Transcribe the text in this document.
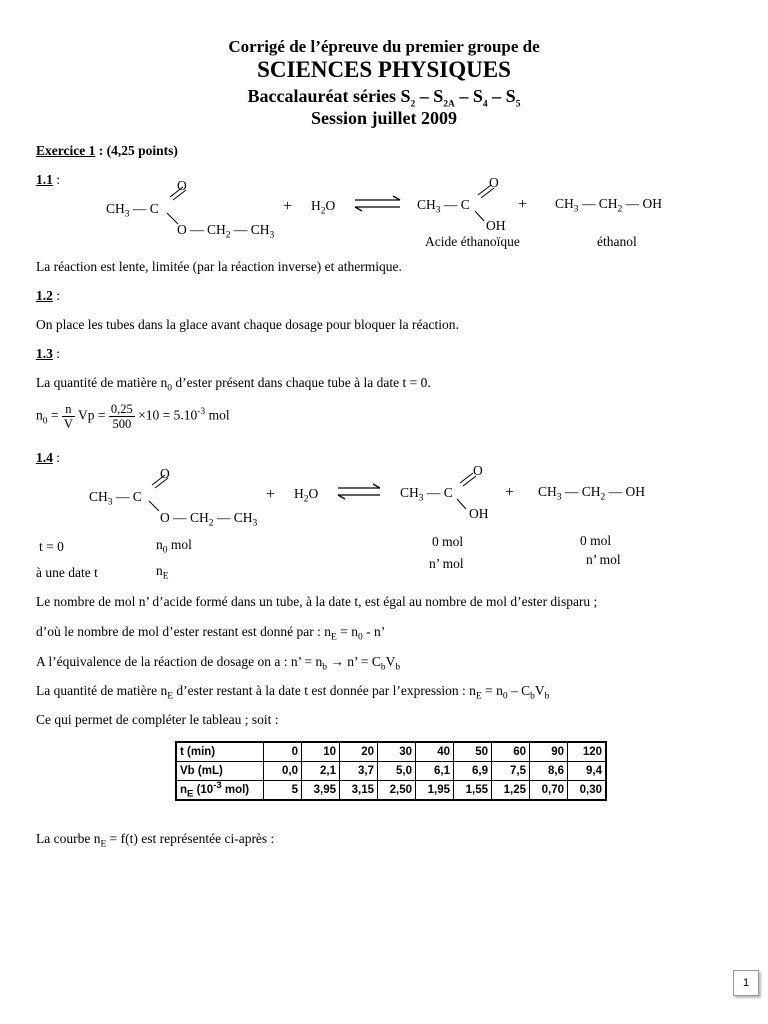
Corrigé de l’épreuve du premier groupe de
SCIENCES PHYSIQUES
Baccalauréat séries $S_2 - S_{2A} - S_4 - S_5$
Session juillet 2009
Exercice 1 : (4,25 points)
1.1 :	O
$CH_3$ — C
O — $CH_2$ — $CH_3$
+ $H_2O$
O
$CH_3$ — C
OH
+ $CH_3$ — $CH_2$ — OH
Acide éthanoïque	éthanol
La réaction est lente, limitée (par la réaction inverse) et athermique.
1.2 :
On place les tubes dans la glace avant chaque dosage pour bloquer la réaction.
1.3 :
La quantité de matière $n_0$ d’ester présent dans chaque tube à la date t = 0.
$n_0 = \frac{n}{V}$ $Vp = \frac{0,25}{500} \times 10 = 5.10^{-3}$ mol
1.4 :
O
$CH_3$ — C
O — $CH_2$ — $CH_3$
+ $H_2O$
O
$CH_3$ — C
OH
+ $CH_3$ — $CH_2$ — OH
t = 0
à une date t
$n_0$ mol
$n_E$
0 mol
n’ mol
0 mol
n’ mol
Le nombre de mol n’ d’acide formé dans un tube, à la date t, est égal au nombre de mol d’ester disparu ;
d’où le nombre de mol d’ester restant est donné par : $n_E = n_0 - n$’
A l’équivalence de la réaction de dosage on a : n’ = $n_b \to n$’ = $C_bV_b$
La quantité de matière $n_E$ d’ester restant à la date t est donnée par l’expression : $n_E = n_0 - C_bV_b$
Ce qui permet de compléter le tableau ; soit :
t (min)	0	10	20	30	40	50	60	90	120
Vb (mL)	0,0	2,1	3,7	5,0	6,1	6,9	7,5	8,6	9,4
$n_E$ ($10^{-3}$ mol)	5	3,95	3,15	2,50	1,95	1,55	1,25	0,70	0,30
La courbe $n_E = f(t)$ est représentée ci-après :
1
